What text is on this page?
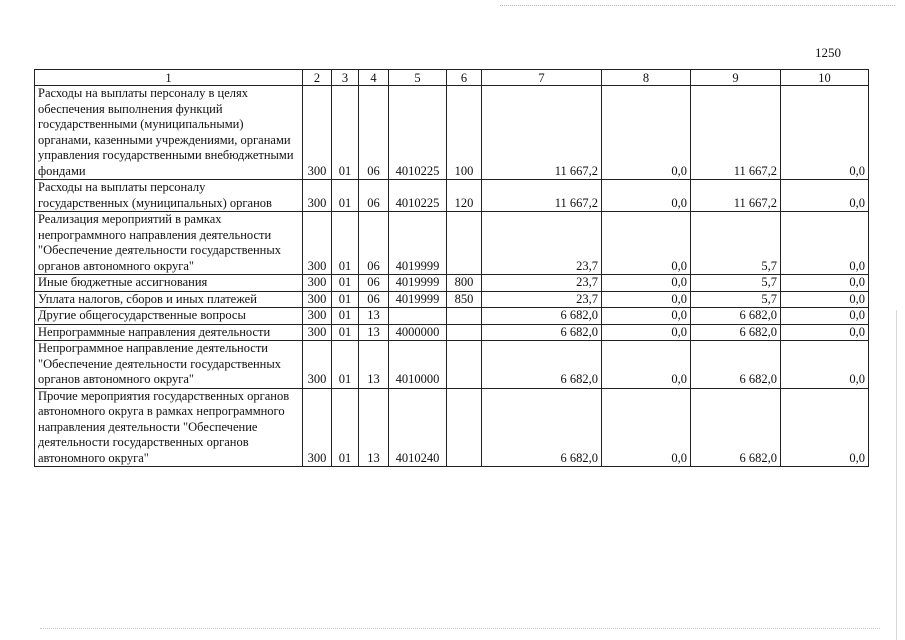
1250
1	2	3	4	5	6	7	8	9	10
Расходы на выплаты персоналу в целях обеспечения выполнения функций государственными (муниципальными) органами, казенными учреждениями, органами управления государственными внебюджетными фондами	300	01	06	4010225	100	11 667,2	0,0	11 667,2	0,0
Расходы на выплаты персоналу государственных (муниципальных) органов	300	01	06	4010225	120	11 667,2	0,0	11 667,2	0,0
Реализация мероприятий в рамках непрограммного направления деятельности "Обеспечение деятельности государственных органов автономного округа"	300	01	06	4019999		23,7	0,0	5,7	0,0
Иные бюджетные ассигнования	300	01	06	4019999	800	23,7	0,0	5,7	0,0
Уплата налогов, сборов и иных платежей	300	01	06	4019999	850	23,7	0,0	5,7	0,0
Другие общегосударственные вопросы	300	01	13			6 682,0	0,0	6 682,0	0,0
Непрограммные направления деятельности	300	01	13	4000000		6 682,0	0,0	6 682,0	0,0
Непрограммное направление деятельности "Обеспечение деятельности государственных органов автономного округа"	300	01	13	4010000		6 682,0	0,0	6 682,0	0,0
Прочие мероприятия государственных органов автономного округа в рамках непрограммного направления деятельности "Обеспечение деятельности государственных органов автономного округа"	300	01	13	4010240		6 682,0	0,0	6 682,0	0,0
